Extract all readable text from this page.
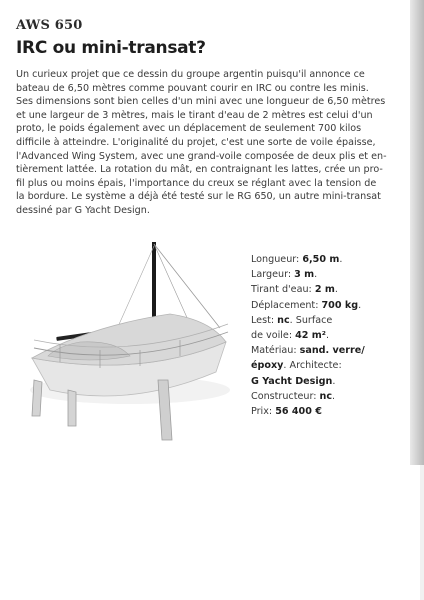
AWS 650
IRC ou mini-transat?
Un curieux projet que ce dessin du groupe argentin puisqu'il annonce ce
bateau de 6,50 mètres comme pouvant courir en IRC ou contre les minis.
Ses dimensions sont bien celles d'un mini avec une longueur de 6,50 mètres
et une largeur de 3 mètres, mais le tirant d'eau de 2 mètres est celui d'un
proto, le poids également avec un déplacement de seulement 700 kilos
difficile à atteindre. L'originalité du projet, c'est une sorte de voile épaisse,
l'Advanced Wing System, avec une grand-voile composée de deux plis et en-
tièrement lattée. La rotation du mât, en contraignant les lattes, crée un pro-
fil plus ou moins épais, l'importance du creux se réglant avec la tension de
la bordure. Le système a déjà été testé sur le RG 650, un autre mini-transat
dessiné par G Yacht Design.
Longueur: 6,50 m.
Largeur: 3 m.
Tirant d'eau: 2 m.
Déplacement: 700 kg.
Lest: nc. Surface
de voile: 42 m².
Matériau: sand. verre/
époxy. Architecte:
G Yacht Design.
Constructeur: nc.
Prix: 56 400 €
